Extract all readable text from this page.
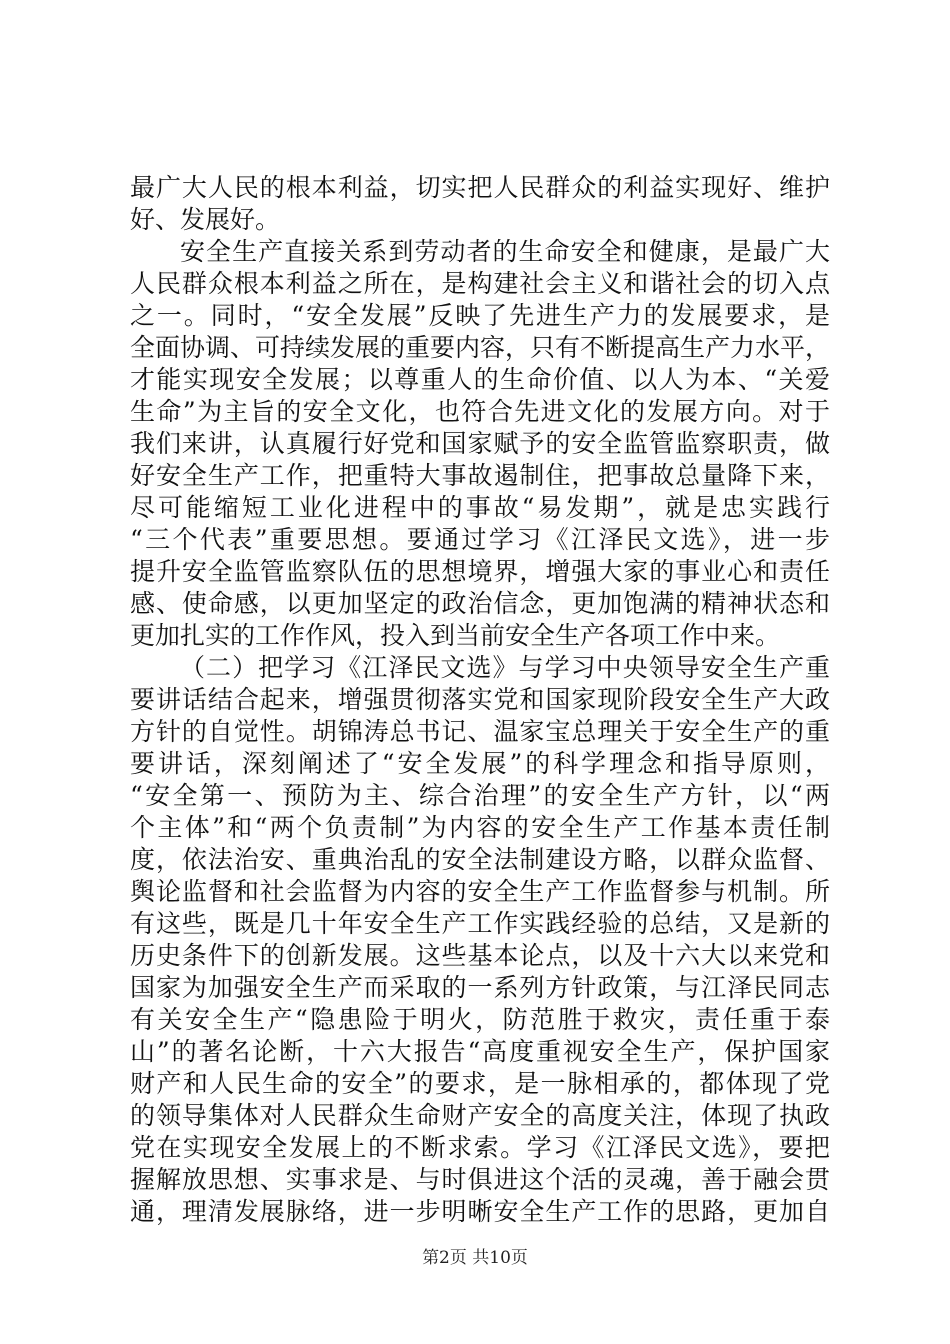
最广大人民的根本利益，切实把人民群众的利益实现好、维护
好、发展好。
安全生产直接关系到劳动者的生命安全和健康，是最广大
人民群众根本利益之所在，是构建社会主义和谐社会的切入点
之一。同时，“安全发展”反映了先进生产力的发展要求，是
全面协调、可持续发展的重要内容，只有不断提高生产力水平，
才能实现安全发展；以尊重人的生命价值、以人为本、“关爱
生命”为主旨的安全文化，也符合先进文化的发展方向。对于
我们来讲，认真履行好党和国家赋予的安全监管监察职责，做
好安全生产工作，把重特大事故遏制住，把事故总量降下来，
尽可能缩短工业化进程中的事故“易发期”，就是忠实践行
“三个代表”重要思想。要通过学习《江泽民文选》，进一步
提升安全监管监察队伍的思想境界，增强大家的事业心和责任
感、使命感，以更加坚定的政治信念，更加饱满的精神状态和
更加扎实的工作作风，投入到当前安全生产各项工作中来。
（二）把学习《江泽民文选》与学习中央领导安全生产重
要讲话结合起来，增强贯彻落实党和国家现阶段安全生产大政
方针的自觉性。胡锦涛总书记、温家宝总理关于安全生产的重
要讲话，深刻阐述了“安全发展”的科学理念和指导原则，
“安全第一、预防为主、综合治理”的安全生产方针，以“两
个主体”和“两个负责制”为内容的安全生产工作基本责任制
度，依法治安、重典治乱的安全法制建设方略，以群众监督、
舆论监督和社会监督为内容的安全生产工作监督参与机制。所
有这些，既是几十年安全生产工作实践经验的总结，又是新的
历史条件下的创新发展。这些基本论点，以及十六大以来党和
国家为加强安全生产而采取的一系列方针政策，与江泽民同志
有关安全生产“隐患险于明火，防范胜于救灾，责任重于泰
山”的著名论断，十六大报告“高度重视安全生产，保护国家
财产和人民生命的安全”的要求，是一脉相承的，都体现了党
的领导集体对人民群众生命财产安全的高度关注，体现了执政
党在实现安全发展上的不断求索。学习《江泽民文选》，要把
握解放思想、实事求是、与时俱进这个活的灵魂，善于融会贯
通，理清发展脉络，进一步明晰安全生产工作的思路，更加自
第2页 共10页
